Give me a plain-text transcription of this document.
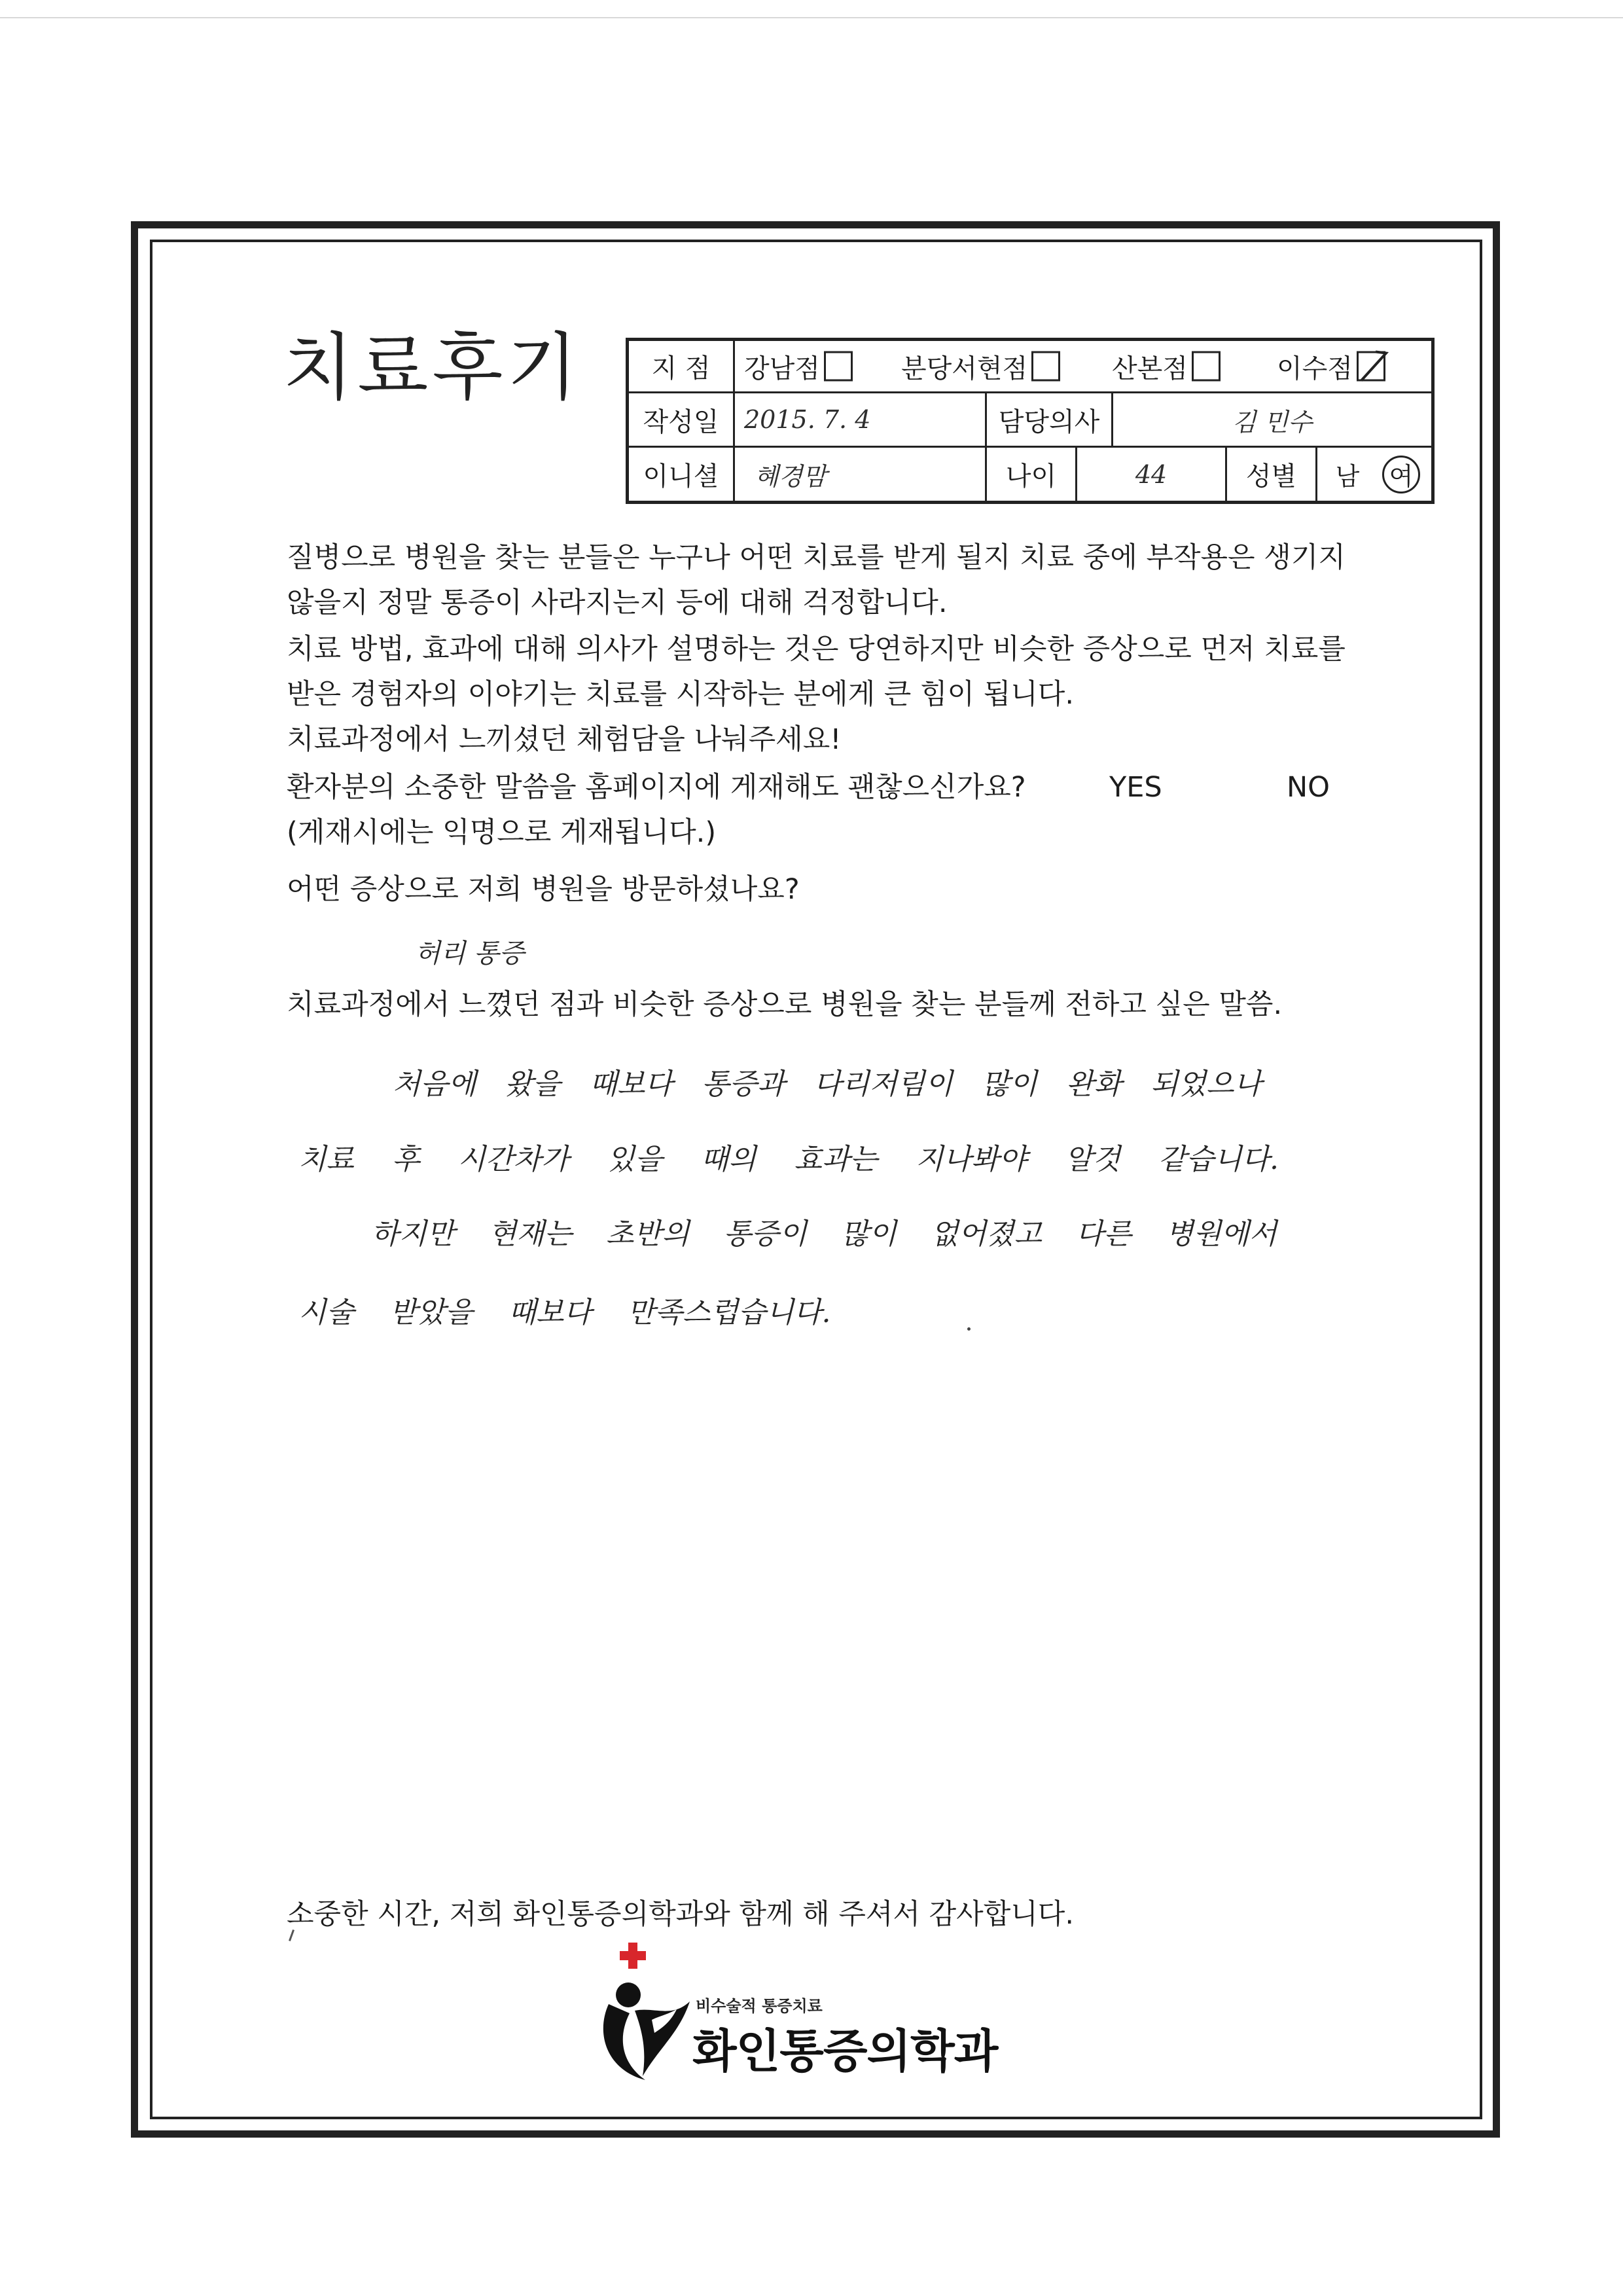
치료후기	지 점	강남점	분당서현점	산본점	이수점
작성일	2015. 7. 4	담당의사	김 민수
이니셜	혜경맘	나이	44	성별	남 여
질병으로 병원을 찾는 분들은 누구나 어떤 치료를 받게 될지 치료 중에 부작용은 생기지
않을지 정말 통증이 사라지는지 등에 대해 걱정합니다.
치료 방법, 효과에 대해 의사가 설명하는 것은 당연하지만 비슷한 증상으로 먼저 치료를
받은 경험자의 이야기는 치료를 시작하는 분에게 큰 힘이 됩니다.
치료과정에서 느끼셨던 체험담을 나눠주세요!
환자분의 소중한 말씀을 홈페이지에 게재해도 괜찮으신가요?	YES	NO
(게재시에는 익명으로 게재됩니다.)
어떤 증상으로 저희 병원을 방문하셨나요?
허리 통증
치료과정에서 느꼈던 점과 비슷한 증상으로 병원을 찾는 분들께 전하고 싶은 말씀.
처음에 왔을 때보다 통증과 다리저림이 많이 완화 되었으나
치료 후 시간차가 있을 때의 효과는 지나봐야 알것 같습니다.
하지만 현재는 초반의 통증이 많이 없어졌고 다른 병원에서
시술 받았을 때보다 만족스럽습니다.
소중한 시간, 저희 화인통증의학과와 함께 해 주셔서 감사합니다.
비수술적 통증치료
화인통증의학과
